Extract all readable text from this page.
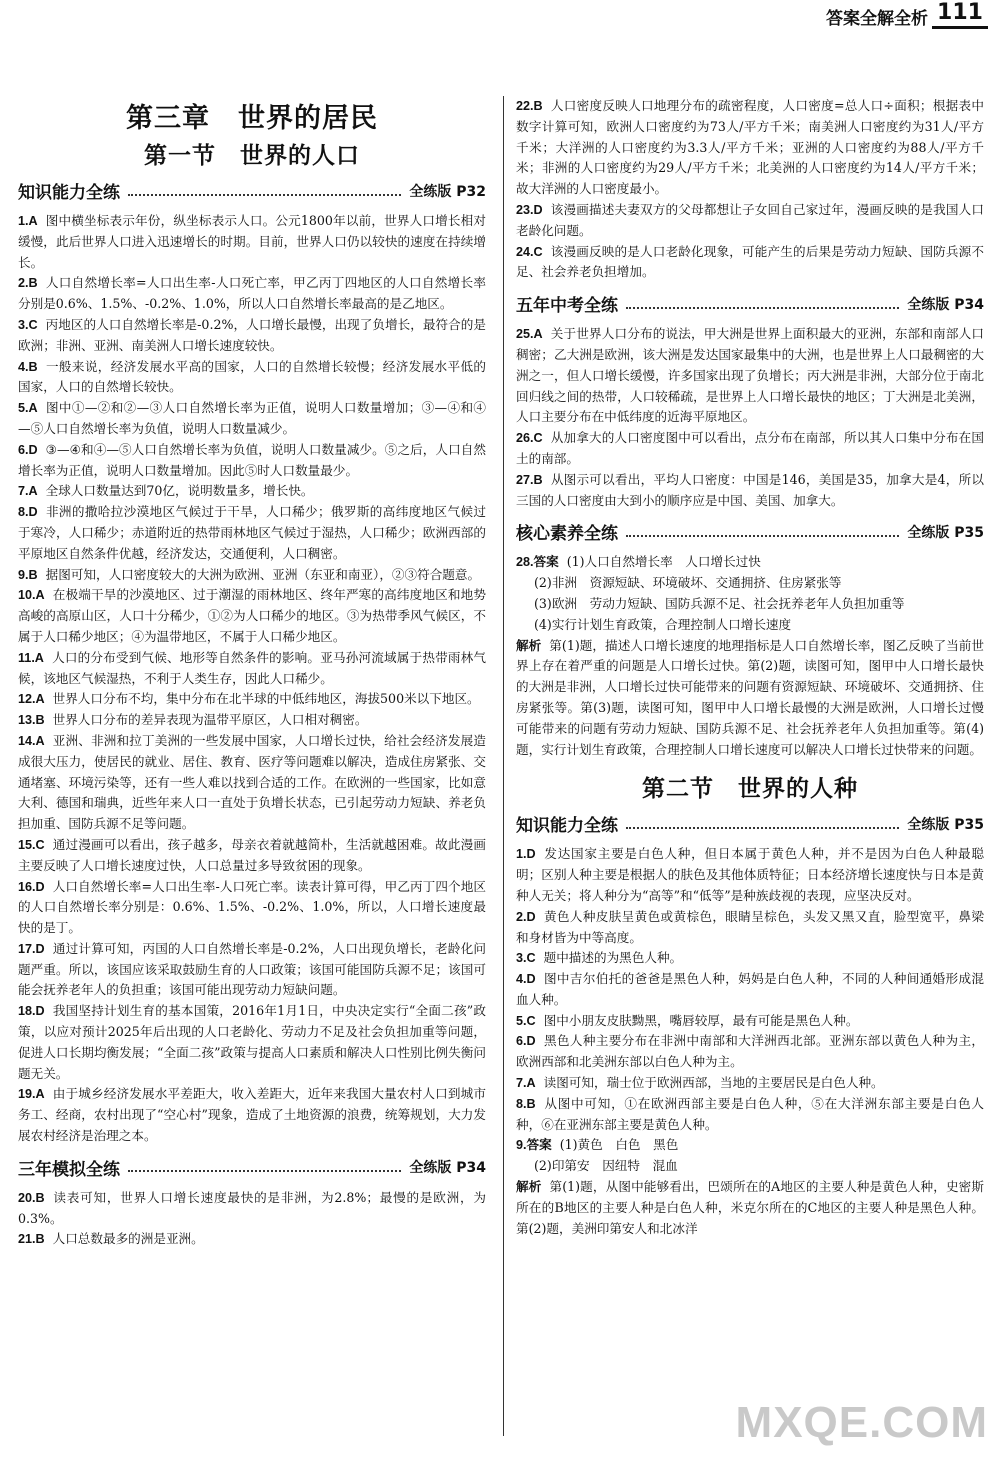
答案全解全析 111
第三章　世界的居民
第一节　世界的人口
知识能力全练	全练版 P32

1.A 图中横坐标表示年份，纵坐标表示人口。公元1800年以前，世界人口增长相对缓慢，此后世界人口进入迅速增长的时期。目前，世界人口仍以较快的速度在持续增长。

2.B 人口自然增长率=人口出生率-人口死亡率，甲乙丙丁四地区的人口自然增长率分别是0.6%、1.5%、-0.2%、1.0%，所以人口自然增长率最高的是乙地区。

3.C 丙地区的人口自然增长率是-0.2%，人口增长最慢，出现了负增长，最符合的是欧洲；非洲、亚洲、南美洲人口增长速度较快。

4.B 一般来说，经济发展水平高的国家，人口的自然增长较慢；经济发展水平低的国家，人口的自然增长较快。

5.A 图中①—②和②—③人口自然增长率为正值，说明人口数量增加；③—④和④—⑤人口自然增长率为负值，说明人口数量减少。

6.D ③—④和④—⑤人口自然增长率为负值，说明人口数量减少。⑤之后，人口自然增长率为正值，说明人口数量增加。因此⑤时人口数量最少。

7.A 全球人口数量达到70亿，说明数量多，增长快。

8.D 非洲的撒哈拉沙漠地区气候过于干旱，人口稀少；俄罗斯的高纬度地区气候过于寒冷，人口稀少；赤道附近的热带雨林地区气候过于湿热，人口稀少；欧洲西部的平原地区自然条件优越，经济发达，交通便利，人口稠密。

9.B 据图可知，人口密度较大的大洲为欧洲、亚洲（东亚和南亚），②③符合题意。

10.A 在极端干旱的沙漠地区、过于潮湿的雨林地区、终年严寒的高纬度地区和地势高峻的高原山区，人口十分稀少，①②为人口稀少的地区。③为热带季风气候区，不属于人口稀少地区；④为温带地区，不属于人口稀少地区。

11.A 人口的分布受到气候、地形等自然条件的影响。亚马孙河流域属于热带雨林气候，该地区气候湿热，不利于人类生存，因此人口稀少。

12.A 世界人口分布不均，集中分布在北半球的中低纬地区，海拔500米以下地区。

13.B 世界人口分布的差异表现为温带平原区，人口相对稠密。

14.A 亚洲、非洲和拉丁美洲的一些发展中国家，人口增长过快，给社会经济发展造成很大压力，使居民的就业、居住、教育、医疗等问题难以解决，造成住房紧张、交通堵塞、环境污染等，还有一些人难以找到合适的工作。在欧洲的一些国家，比如意大利、德国和瑞典，近些年来人口一直处于负增长状态，已引起劳动力短缺、养老负担加重、国防兵源不足等问题。

15.C 通过漫画可以看出，孩子越多，母亲衣着就越简朴，生活就越困难。故此漫画主要反映了人口增长速度过快，人口总量过多导致贫困的现象。

16.D 人口自然增长率=人口出生率-人口死亡率。读表计算可得，甲乙丙丁四个地区的人口自然增长率分别是：0.6%、1.5%、-0.2%、1.0%，所以，人口增长速度最快的是丁。

17.D 通过计算可知，丙国的人口自然增长率是-0.2%，人口出现负增长，老龄化问题严重。所以，该国应该采取鼓励生育的人口政策；该国可能国防兵源不足；该国可能会抚养老年人的负担重；该国可能出现劳动力短缺问题。

18.D 我国坚持计划生育的基本国策，2016年1月1日，中央决定实行“全面二孩”政策，以应对预计2025年后出现的人口老龄化、劳动力不足及社会负担加重等问题，促进人口长期均衡发展；“全面二孩”政策与提高人口素质和解决人口性别比例失衡问题无关。

19.A 由于城乡经济发展水平差距大，收入差距大，近年来我国大量农村人口到城市务工、经商，农村出现了“空心村”现象，造成了土地资源的浪费，统筹规划，大力发展农村经济是治理之本。

三年模拟全练	全练版 P34

20.B 读表可知，世界人口增长速度最快的是非洲，为2.8%；最慢的是欧洲，为0.3%。

21.B 人口总数最多的洲是亚洲。

22.B 人口密度反映人口地理分布的疏密程度，人口密度=总人口÷面积；根据表中数字计算可知，欧洲人口密度约为73人/平方千米；南美洲人口密度约为31人/平方千米；大洋洲的人口密度约为3.3人/平方千米；亚洲的人口密度约为88人/平方千米；非洲的人口密度约为29人/平方千米；北美洲的人口密度约为14人/平方千米；故大洋洲的人口密度最小。

23.D 该漫画描述夫妻双方的父母都想让子女回自己家过年，漫画反映的是我国人口老龄化问题。

24.C 该漫画反映的是人口老龄化现象，可能产生的后果是劳动力短缺、国防兵源不足、社会养老负担增加。

五年中考全练	全练版 P34

25.A 关于世界人口分布的说法，甲大洲是世界上面积最大的亚洲，东部和南部人口稠密；乙大洲是欧洲，该大洲是发达国家最集中的大洲，也是世界上人口最稠密的大洲之一，但人口增长缓慢，许多国家出现了负增长；丙大洲是非洲，大部分位于南北回归线之间的热带，人口较稀疏，是世界上人口增长最快的地区；丁大洲是北美洲，人口主要分布在中低纬度的近海平原地区。

26.C 从加拿大的人口密度图中可以看出，点分布在南部，所以其人口集中分布在国土的南部。

27.B 从图示可以看出，平均人口密度：中国是146，美国是35，加拿大是4，所以三国的人口密度由大到小的顺序应是中国、美国、加拿大。

核心素养全练	全练版 P35

28.答案 (1)人口自然增长率　人口增长过快

(2)非洲　资源短缺、环境破坏、交通拥挤、住房紧张等

(3)欧洲　劳动力短缺、国防兵源不足、社会抚养老年人负担加重等

(4)实行计划生育政策，合理控制人口增长速度

解析 第(1)题，描述人口增长速度的地理指标是人口自然增长率，图乙反映了当前世界上存在着严重的问题是人口增长过快。第(2)题，读图可知，图甲中人口增长最快的大洲是非洲，人口增长过快可能带来的问题有资源短缺、环境破坏、交通拥挤、住房紧张等。第(3)题，读图可知，图甲中人口增长最慢的大洲是欧洲，人口增长过慢可能带来的问题有劳动力短缺、国防兵源不足、社会抚养老年人负担加重等。第(4)题，实行计划生育政策，合理控制人口增长速度可以解决人口增长过快带来的问题。

第二节　世界的人种
知识能力全练	全练版 P35

1.D 发达国家主要是白色人种，但日本属于黄色人种，并不是因为白色人种最聪明；区别人种主要是根据人的肤色及其他体质特征；日本经济增长速度快与日本是黄种人无关；将人种分为“高等”和“低等”是种族歧视的表现，应坚决反对。

2.D 黄色人种皮肤呈黄色或黄棕色，眼睛呈棕色，头发又黑又直，脸型宽平，鼻梁和身材皆为中等高度。

3.C 题中描述的为黑色人种。

4.D 图中吉尔伯托的爸爸是黑色人种，妈妈是白色人种，不同的人种间通婚形成混血人种。

5.C 图中小朋友皮肤黝黑，嘴唇较厚，最有可能是黑色人种。

6.D 黑色人种主要分布在非洲中南部和大洋洲西北部。亚洲东部以黄色人种为主，欧洲西部和北美洲东部以白色人种为主。

7.A 读图可知，瑞士位于欧洲西部，当地的主要居民是白色人种。

8.B 从图中可知，①在欧洲西部主要是白色人种，⑤在大洋洲东部主要是白色人种，⑥在亚洲东部主要是黄色人种。

9.答案 (1)黄色　白色　黑色

(2)印第安　因纽特　混血

解析 第(1)题，从图中能够看出，巴颂所在的A地区的主要人种是黄色人种，史密斯所在的B地区的主要人种是白色人种，米克尔所在的C地区的主要人种是黑色人种。第(2)题，美洲印第安人和北冰洋

MXQE.COM
